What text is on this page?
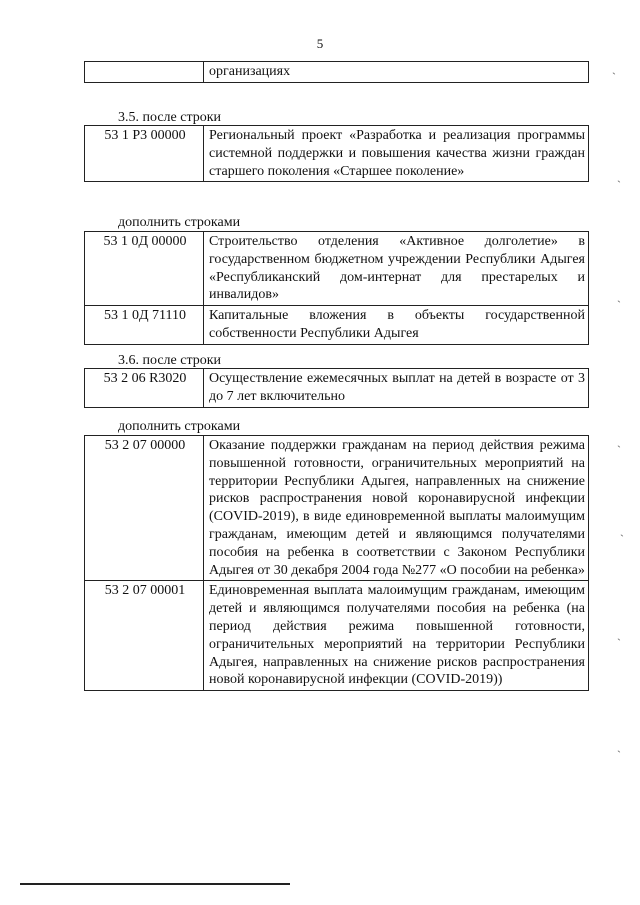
5
	организациях
3.5. после строки
53 1 Р3 00000	Региональный проект «Разработка и реализация программы системной поддержки и повышения качества жизни граждан старшего поколения «Старшее поколение»
дополнить строками
53 1 0Д 00000	Строительство отделения «Активное долголетие» в государственном бюджетном учреждении Республики Адыгея «Республиканский дом-интернат для престарелых и инвалидов»
53 1 0Д 71110	Капитальные вложения в объекты государственной собственности Республики Адыгея
3.6. после строки
53 2 06 R3020	Осуществление ежемесячных выплат на детей в возрасте от 3 до 7 лет включительно
дополнить строками
53 2 07 00000	Оказание поддержки гражданам на период действия режима повышенной готовности, ограничительных мероприятий на территории Республики Адыгея, направленных на снижение рисков распространения новой коронавирусной инфекции (COVID-2019), в виде единовременной выплаты малоимущим гражданам, имеющим детей и являющимся получателями пособия на ребенка в соответствии с Законом Республики Адыгея от 30 декабря 2004 года №277 «О пособии на ребенка»
53 2 07 00001	Единовременная выплата малоимущим гражданам, имеющим детей и являющимся получателями пособия на ребенка (на период действия режима повышенной готовности, ограничительных мероприятий на территории Республики Адыгея, направленных на снижение рисков распространения новой коронавирусной инфекции (COVID-2019))
`
`
`
`
`
`
`
